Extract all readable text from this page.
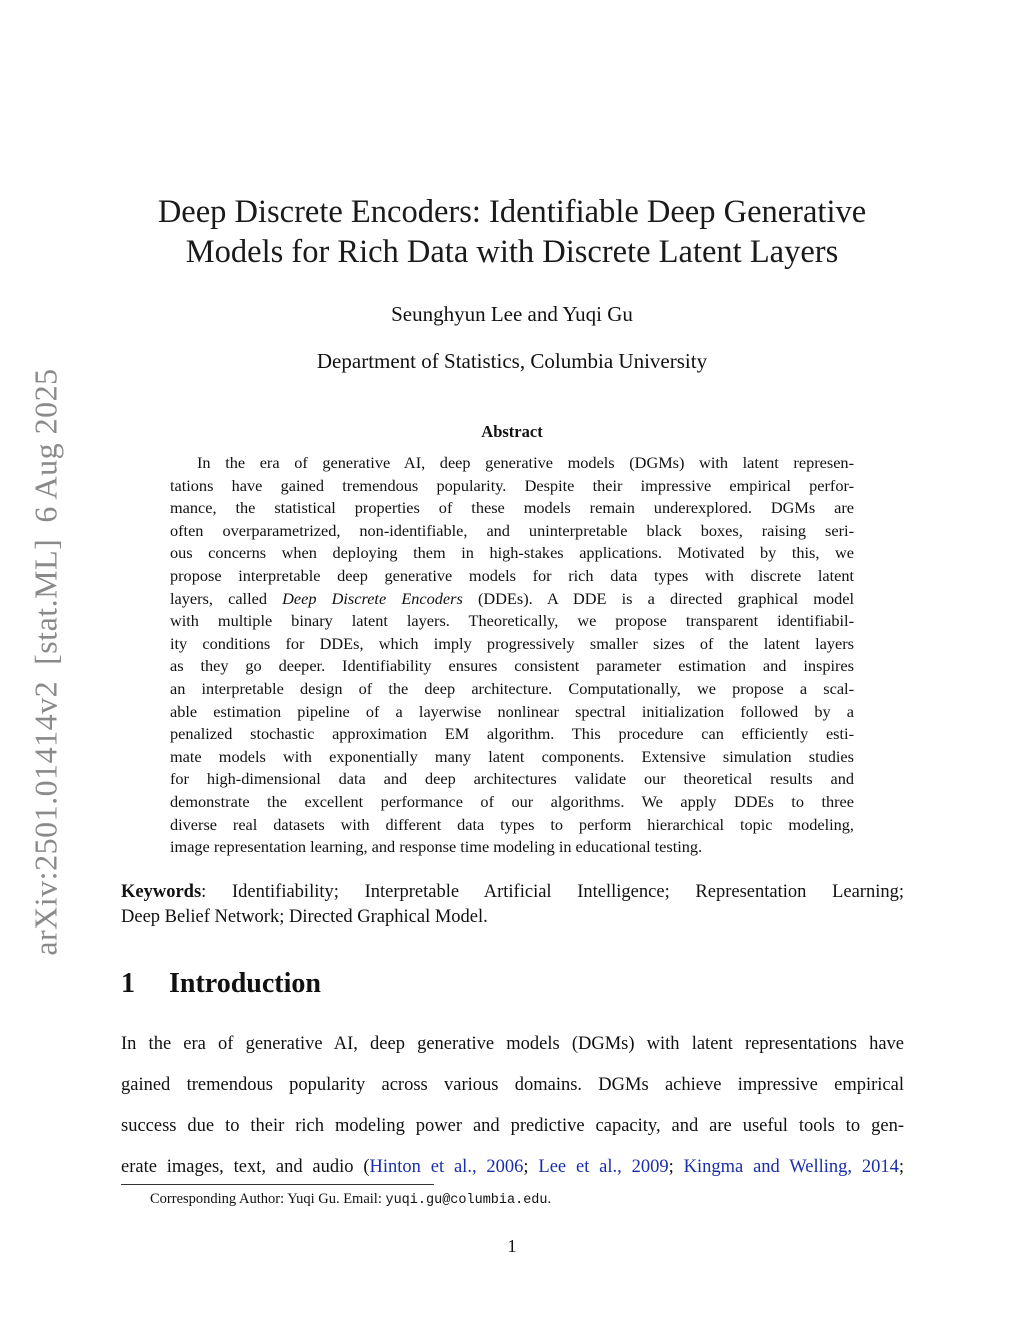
arXiv:2501.01414v2[stat.ML]6 Aug 2025
Deep Discrete Encoders: Identifiable Deep Generative
Models for Rich Data with Discrete Latent Layers
Seunghyun Lee and Yuqi Gu
Department of Statistics, Columbia University
Abstract
In the era of generative AI, deep generative models (DGMs) with latent represen-
tations have gained tremendous popularity. Despite their impressive empirical perfor-
mance, the statistical properties of these models remain underexplored. DGMs are
often overparametrized, non-identifiable, and uninterpretable black boxes, raising seri-
ous concerns when deploying them in high-stakes applications. Motivated by this, we
propose interpretable deep generative models for rich data types with discrete latent
layers, called Deep Discrete Encoders (DDEs). A DDE is a directed graphical model
with multiple binary latent layers. Theoretically, we propose transparent identifiabil-
ity conditions for DDEs, which imply progressively smaller sizes of the latent layers
as they go deeper. Identifiability ensures consistent parameter estimation and inspires
an interpretable design of the deep architecture. Computationally, we propose a scal-
able estimation pipeline of a layerwise nonlinear spectral initialization followed by a
penalized stochastic approximation EM algorithm. This procedure can efficiently esti-
mate models with exponentially many latent components. Extensive simulation studies
for high-dimensional data and deep architectures validate our theoretical results and
demonstrate the excellent performance of our algorithms. We apply DDEs to three
diverse real datasets with different data types to perform hierarchical topic modeling,
image representation learning, and response time modeling in educational testing.
Keywords: Identifiability; Interpretable Artificial Intelligence; Representation Learning;
Deep Belief Network; Directed Graphical Model.
1 Introduction
In the era of generative AI, deep generative models (DGMs) with latent representations have
gained tremendous popularity across various domains. DGMs achieve impressive empirical
success due to their rich modeling power and predictive capacity, and are useful tools to gen-
erate images, text, and audio (Hinton et al., 2006; Lee et al., 2009; Kingma and Welling, 2014;
Corresponding Author: Yuqi Gu. Email: yuqi.gu@columbia.edu.
1
